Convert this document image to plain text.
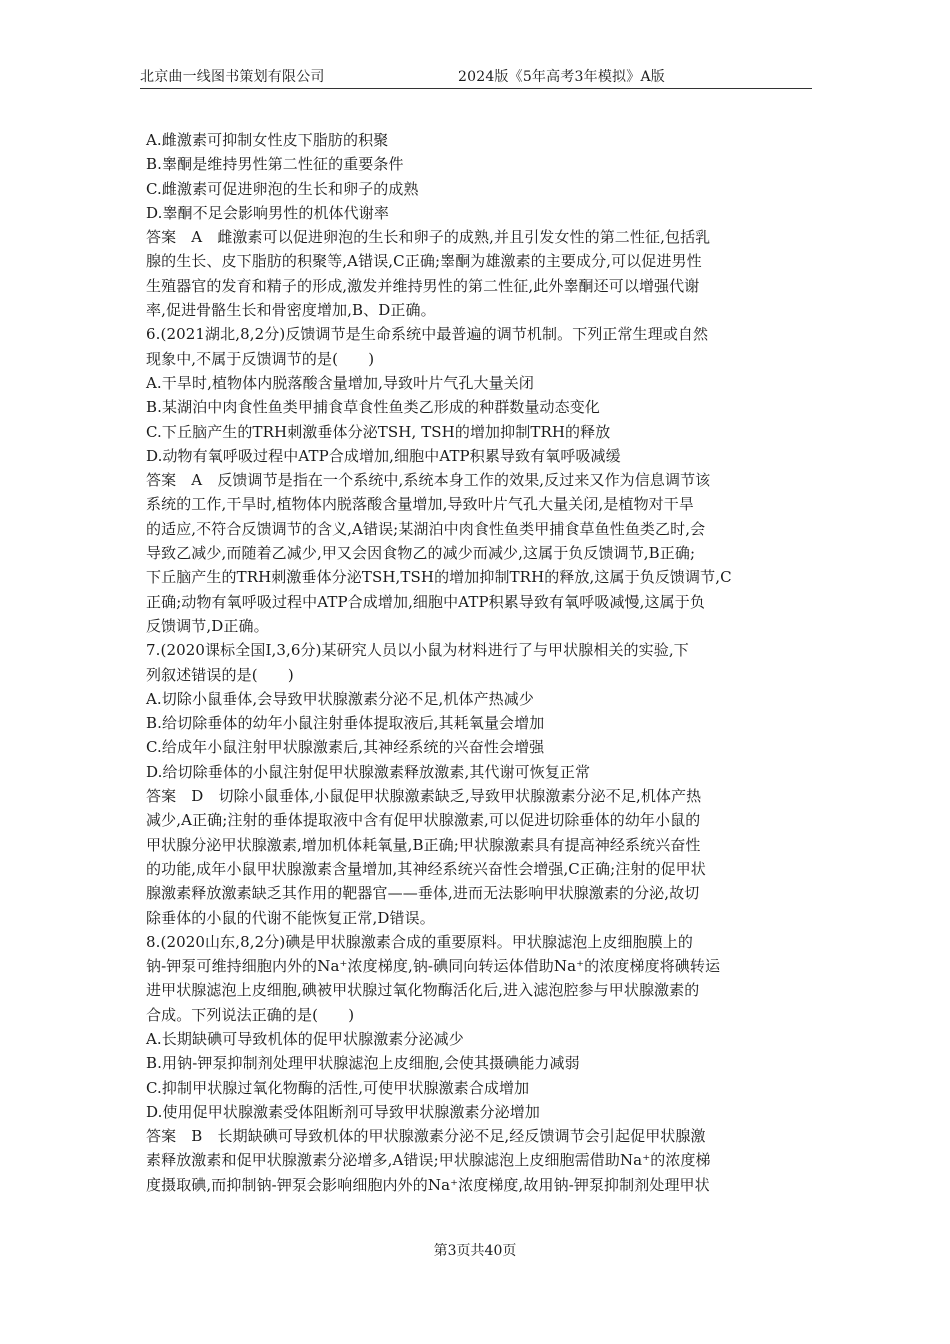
北京曲一线图书策划有限公司	2024版《5年高考3年模拟》A版

A.雌激素可抑制女性皮下脂肪的积聚

B.睾酮是维持男性第二性征的重要条件

C.雌激素可促进卵泡的生长和卵子的成熟

D.睾酮不足会影响男性的机体代谢率

答案　A　雌激素可以促进卵泡的生长和卵子的成熟,并且引发女性的第二性征,包括乳

腺的生长、皮下脂肪的积聚等,A错误,C正确;睾酮为雄激素的主要成分,可以促进男性

生殖器官的发育和精子的形成,激发并维持男性的第二性征,此外睾酮还可以增强代谢

率,促进骨骼生长和骨密度增加,B、D正确。

6.(2021湖北,8,2分)反馈调节是生命系统中最普遍的调节机制。下列正常生理或自然

现象中,不属于反馈调节的是(　　)

A.干旱时,植物体内脱落酸含量增加,导致叶片气孔大量关闭

B.某湖泊中肉食性鱼类甲捕食草食性鱼类乙形成的种群数量动态变化

C.下丘脑产生的TRH刺激垂体分泌TSH, TSH的增加抑制TRH的释放

D.动物有氧呼吸过程中ATP合成增加,细胞中ATP积累导致有氧呼吸减缓

答案　A　反馈调节是指在一个系统中,系统本身工作的效果,反过来又作为信息调节该

系统的工作,干旱时,植物体内脱落酸含量增加,导致叶片气孔大量关闭,是植物对干旱

的适应,不符合反馈调节的含义,A错误;某湖泊中肉食性鱼类甲捕食草鱼性鱼类乙时,会

导致乙减少,而随着乙减少,甲又会因食物乙的减少而减少,这属于负反馈调节,B正确;

下丘脑产生的TRH刺激垂体分泌TSH,TSH的增加抑制TRH的释放,这属于负反馈调节,C

正确;动物有氧呼吸过程中ATP合成增加,细胞中ATP积累导致有氧呼吸减慢,这属于负

反馈调节,D正确。

7.(2020课标全国Ⅰ,3,6分)某研究人员以小鼠为材料进行了与甲状腺相关的实验,下

列叙述错误的是(　　)

A.切除小鼠垂体,会导致甲状腺激素分泌不足,机体产热减少

B.给切除垂体的幼年小鼠注射垂体提取液后,其耗氧量会增加

C.给成年小鼠注射甲状腺激素后,其神经系统的兴奋性会增强

D.给切除垂体的小鼠注射促甲状腺激素释放激素,其代谢可恢复正常

答案　D　切除小鼠垂体,小鼠促甲状腺激素缺乏,导致甲状腺激素分泌不足,机体产热

减少,A正确;注射的垂体提取液中含有促甲状腺激素,可以促进切除垂体的幼年小鼠的

甲状腺分泌甲状腺激素,增加机体耗氧量,B正确;甲状腺激素具有提高神经系统兴奋性

的功能,成年小鼠甲状腺激素含量增加,其神经系统兴奋性会增强,C正确;注射的促甲状

腺激素释放激素缺乏其作用的靶器官——垂体,进而无法影响甲状腺激素的分泌,故切

除垂体的小鼠的代谢不能恢复正常,D错误。

8.(2020山东,8,2分)碘是甲状腺激素合成的重要原料。甲状腺滤泡上皮细胞膜上的

钠-钾泵可维持细胞内外的Na⁺浓度梯度,钠-碘同向转运体借助Na⁺的浓度梯度将碘转运

进甲状腺滤泡上皮细胞,碘被甲状腺过氧化物酶活化后,进入滤泡腔参与甲状腺激素的

合成。下列说法正确的是(　　)

A.长期缺碘可导致机体的促甲状腺激素分泌减少

B.用钠-钾泵抑制剂处理甲状腺滤泡上皮细胞,会使其摄碘能力减弱

C.抑制甲状腺过氧化物酶的活性,可使甲状腺激素合成增加

D.使用促甲状腺激素受体阻断剂可导致甲状腺激素分泌增加

答案　B　长期缺碘可导致机体的甲状腺激素分泌不足,经反馈调节会引起促甲状腺激

素释放激素和促甲状腺激素分泌增多,A错误;甲状腺滤泡上皮细胞需借助Na⁺的浓度梯

度摄取碘,而抑制钠-钾泵会影响细胞内外的Na⁺浓度梯度,故用钠-钾泵抑制剂处理甲状

第3页共40页
